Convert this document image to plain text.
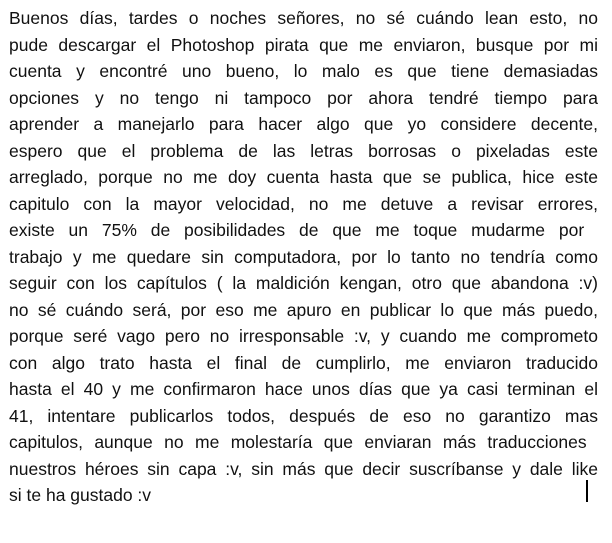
Buenos días, tardes o noches señores, no sé cuándo lean esto, no
pude descargar el Photoshop pirata que me enviaron, busque por mi
cuenta y encontré uno bueno, lo malo es que tiene demasiadas
opciones y no tengo ni tampoco por ahora tendré tiempo para
aprender a manejarlo para hacer algo que yo considere decente,
espero que el problema de las letras borrosas o pixeladas este
arreglado, porque no me doy cuenta hasta que se publica, hice este
capitulo con la mayor velocidad, no me detuve a revisar errores,
existe un 75% de posibilidades de que me toque mudarme por
trabajo y me quedare sin computadora, por lo tanto no tendría como
seguir con los capítulos ( la maldición kengan, otro que abandona :v)
no sé cuándo será, por eso me apuro en publicar lo que más puedo,
porque seré vago pero no irresponsable :v, y cuando me comprometo
con algo trato hasta el final de cumplirlo, me enviaron traducido
hasta el 40 y me confirmaron hace unos días que ya casi terminan el
41, intentare publicarlos todos, después de eso no garantizo mas
capitulos, aunque no me molestaría que enviaran más traducciones
nuestros héroes sin capa :v, sin más que decir suscríbanse y dale like
si te ha gustado :v
